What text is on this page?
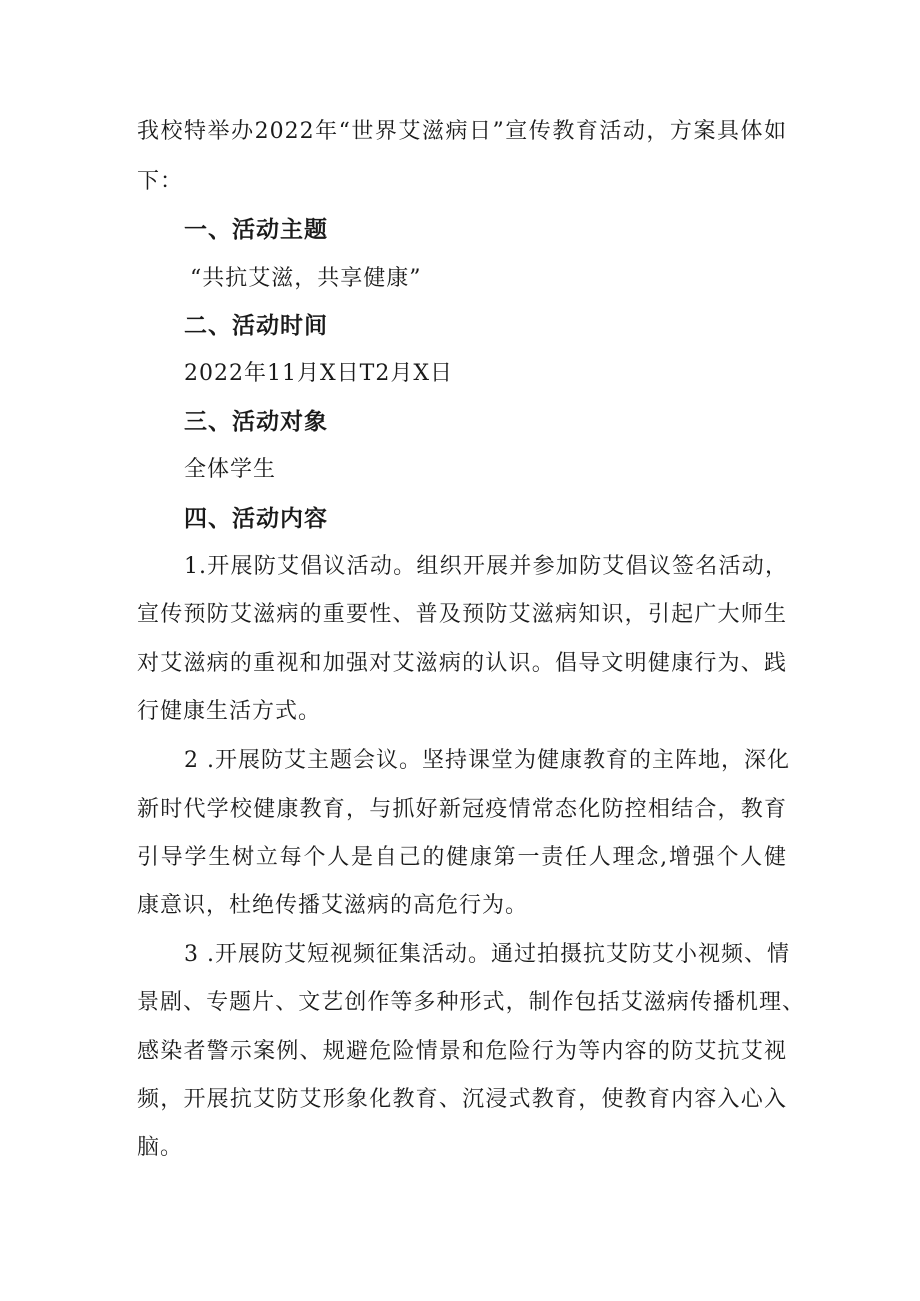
我校特举办2022年“世界艾滋病日”宣传教育活动，方案具体如
下：
一、活动主题
“共抗艾滋，共享健康”
二、活动时间
2022年11月X日T2月X日
三、活动对象
全体学生
四、活动内容
1.开展防艾倡议活动。组织开展并参加防艾倡议签名活动，
宣传预防艾滋病的重要性、普及预防艾滋病知识，引起广大师生
对艾滋病的重视和加强对艾滋病的认识。倡导文明健康行为、践
行健康生活方式。
2 .开展防艾主题会议。坚持课堂为健康教育的主阵地，深化
新时代学校健康教育，与抓好新冠疫情常态化防控相结合，教育
引导学生树立每个人是自己的健康第一责任人理念,增强个人健
康意识，杜绝传播艾滋病的高危行为。
3 .开展防艾短视频征集活动。通过拍摄抗艾防艾小视频、情
景剧、专题片、文艺创作等多种形式，制作包括艾滋病传播机理、
感染者警示案例、规避危险情景和危险行为等内容的防艾抗艾视
频，开展抗艾防艾形象化教育、沉浸式教育，使教育内容入心入
脑。
